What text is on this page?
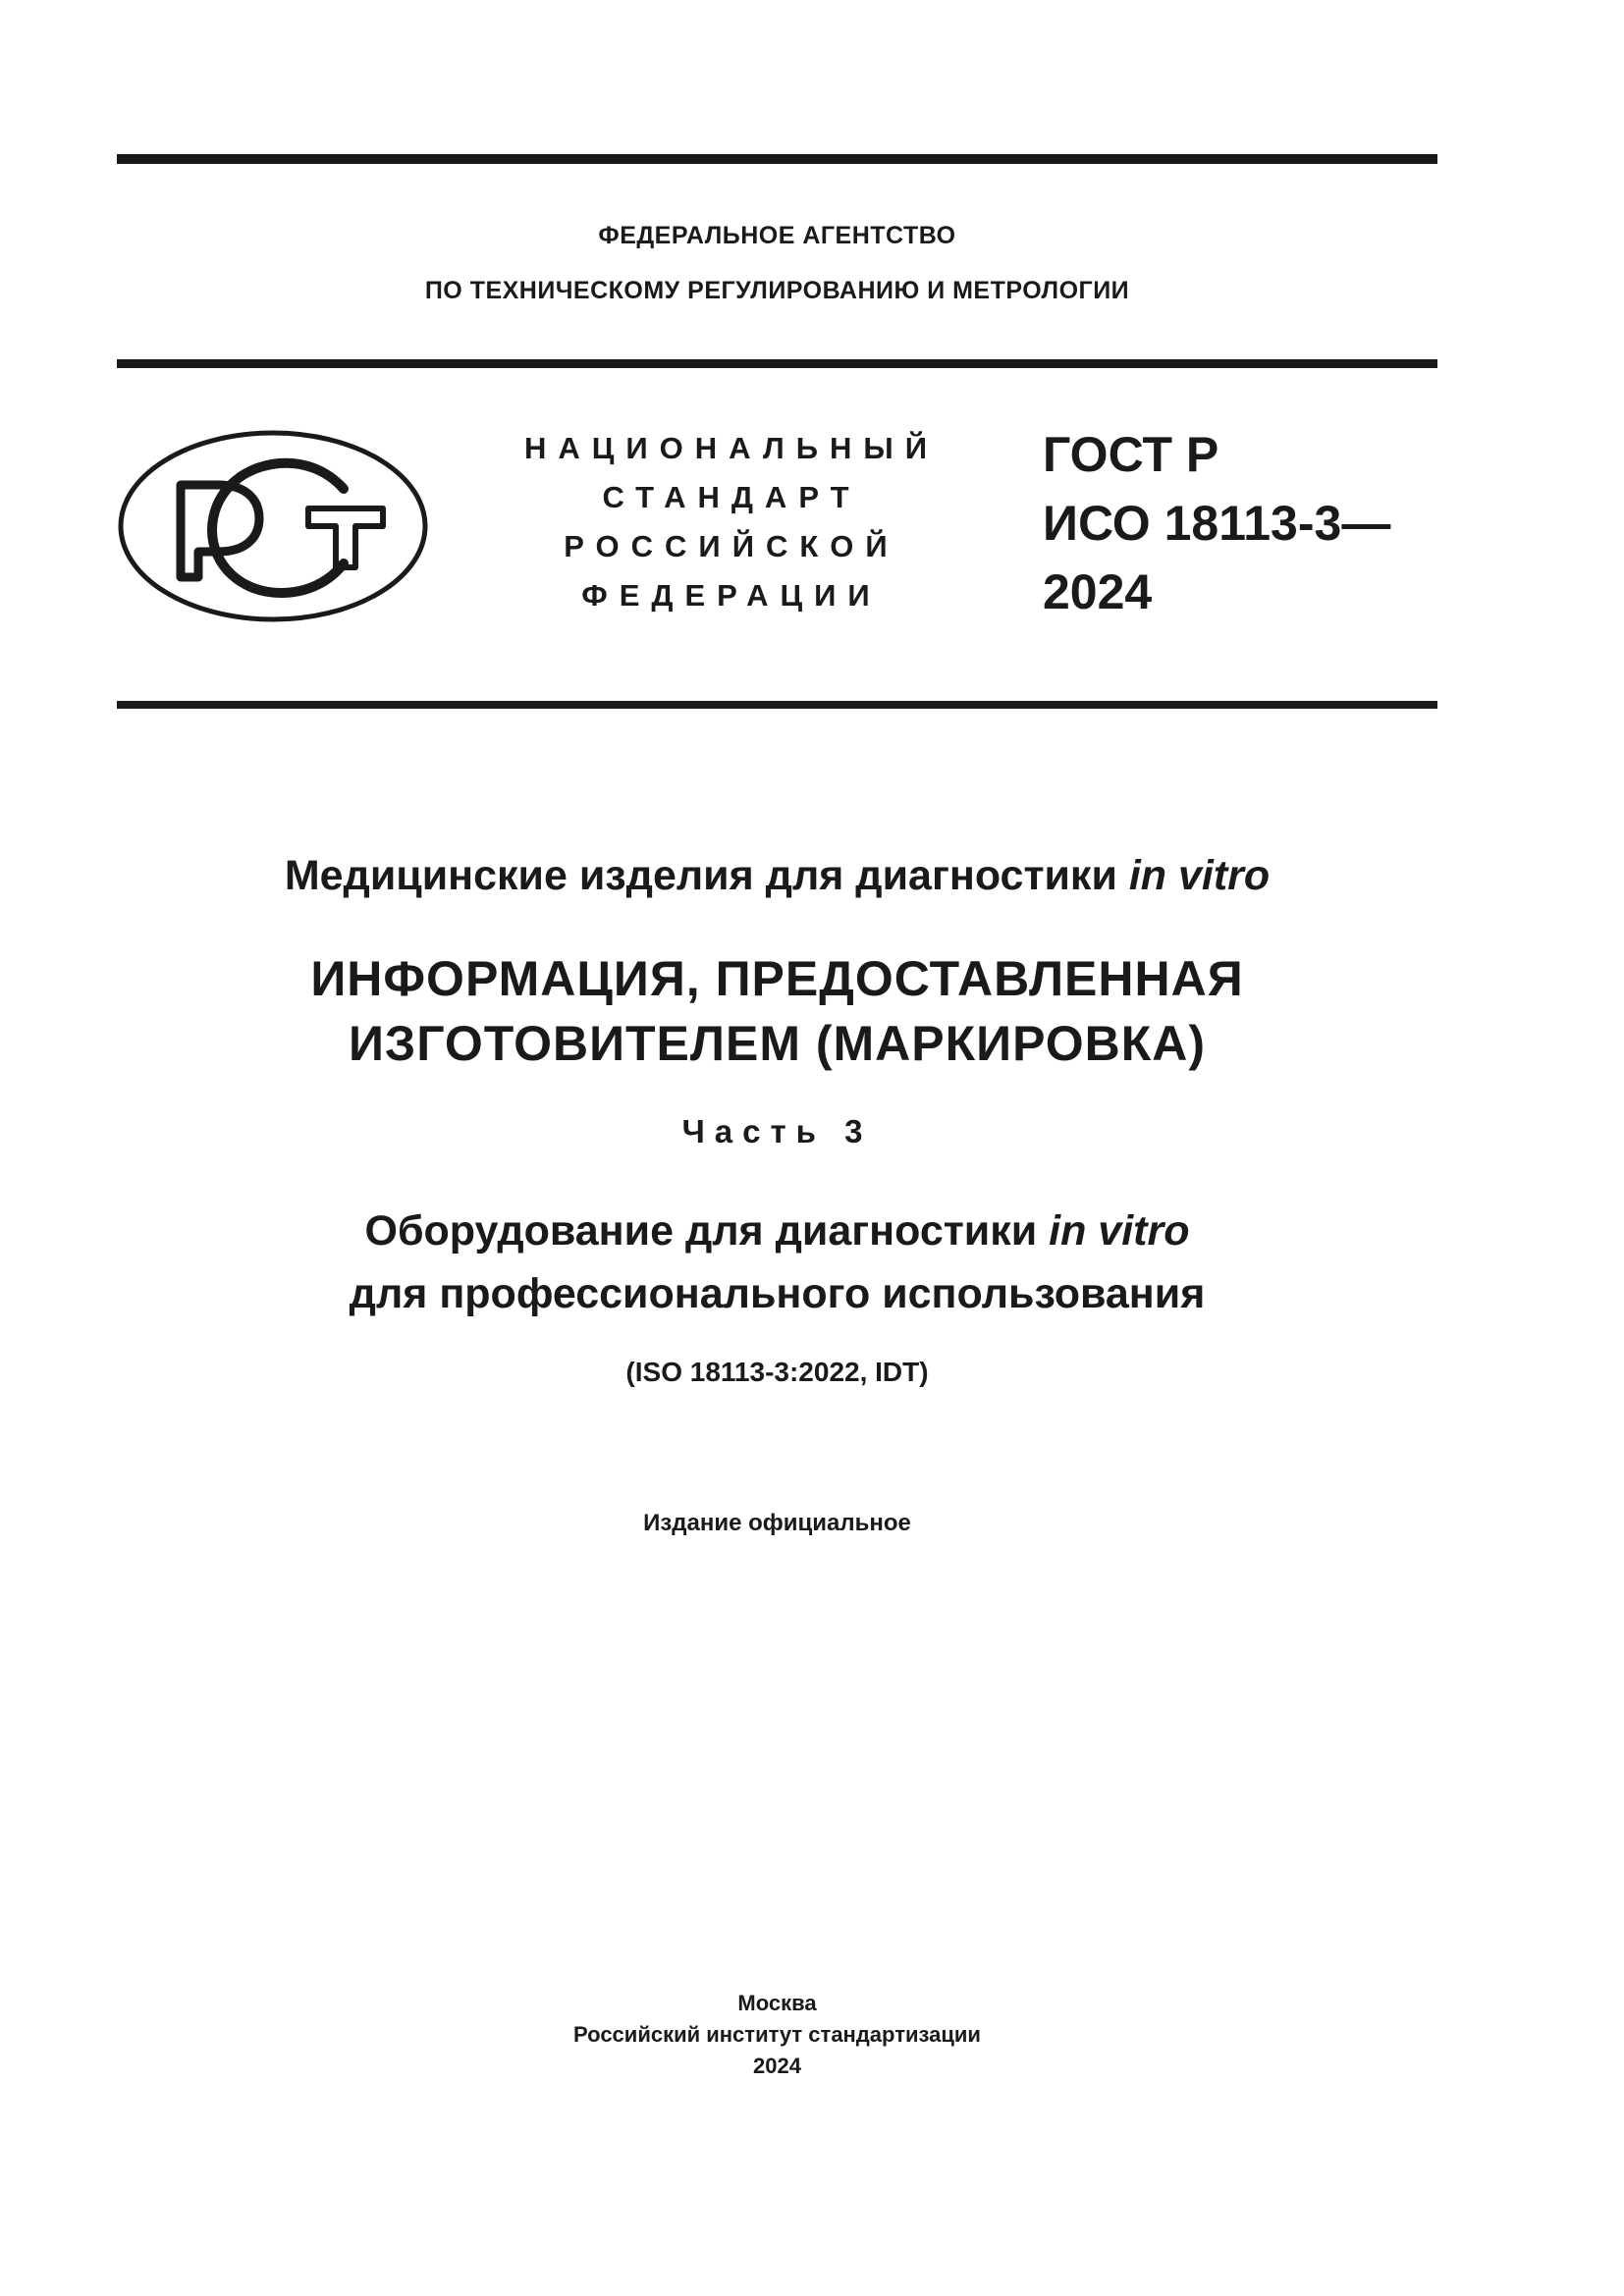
ФЕДЕРАЛЬНОЕ АГЕНТСТВО
ПО ТЕХНИЧЕСКОМУ РЕГУЛИРОВАНИЮ И МЕТРОЛОГИИ
НАЦИОНАЛЬНЫЙ
СТАНДАРТ
РОССИЙСКОЙ
ФЕДЕРАЦИИ
ГОСТ Р
ИСО 18113-3—
2024
Медицинские изделия для диагностики in vitro
ИНФОРМАЦИЯ, ПРЕДОСТАВЛЕННАЯ
ИЗГОТОВИТЕЛЕМ (МАРКИРОВКА)
Часть 3
Оборудование для диагностики in vitro
для профессионального использования
(ISO 18113-3:2022, IDT)
Издание официальное
Москва
Российский институт стандартизации
2024
